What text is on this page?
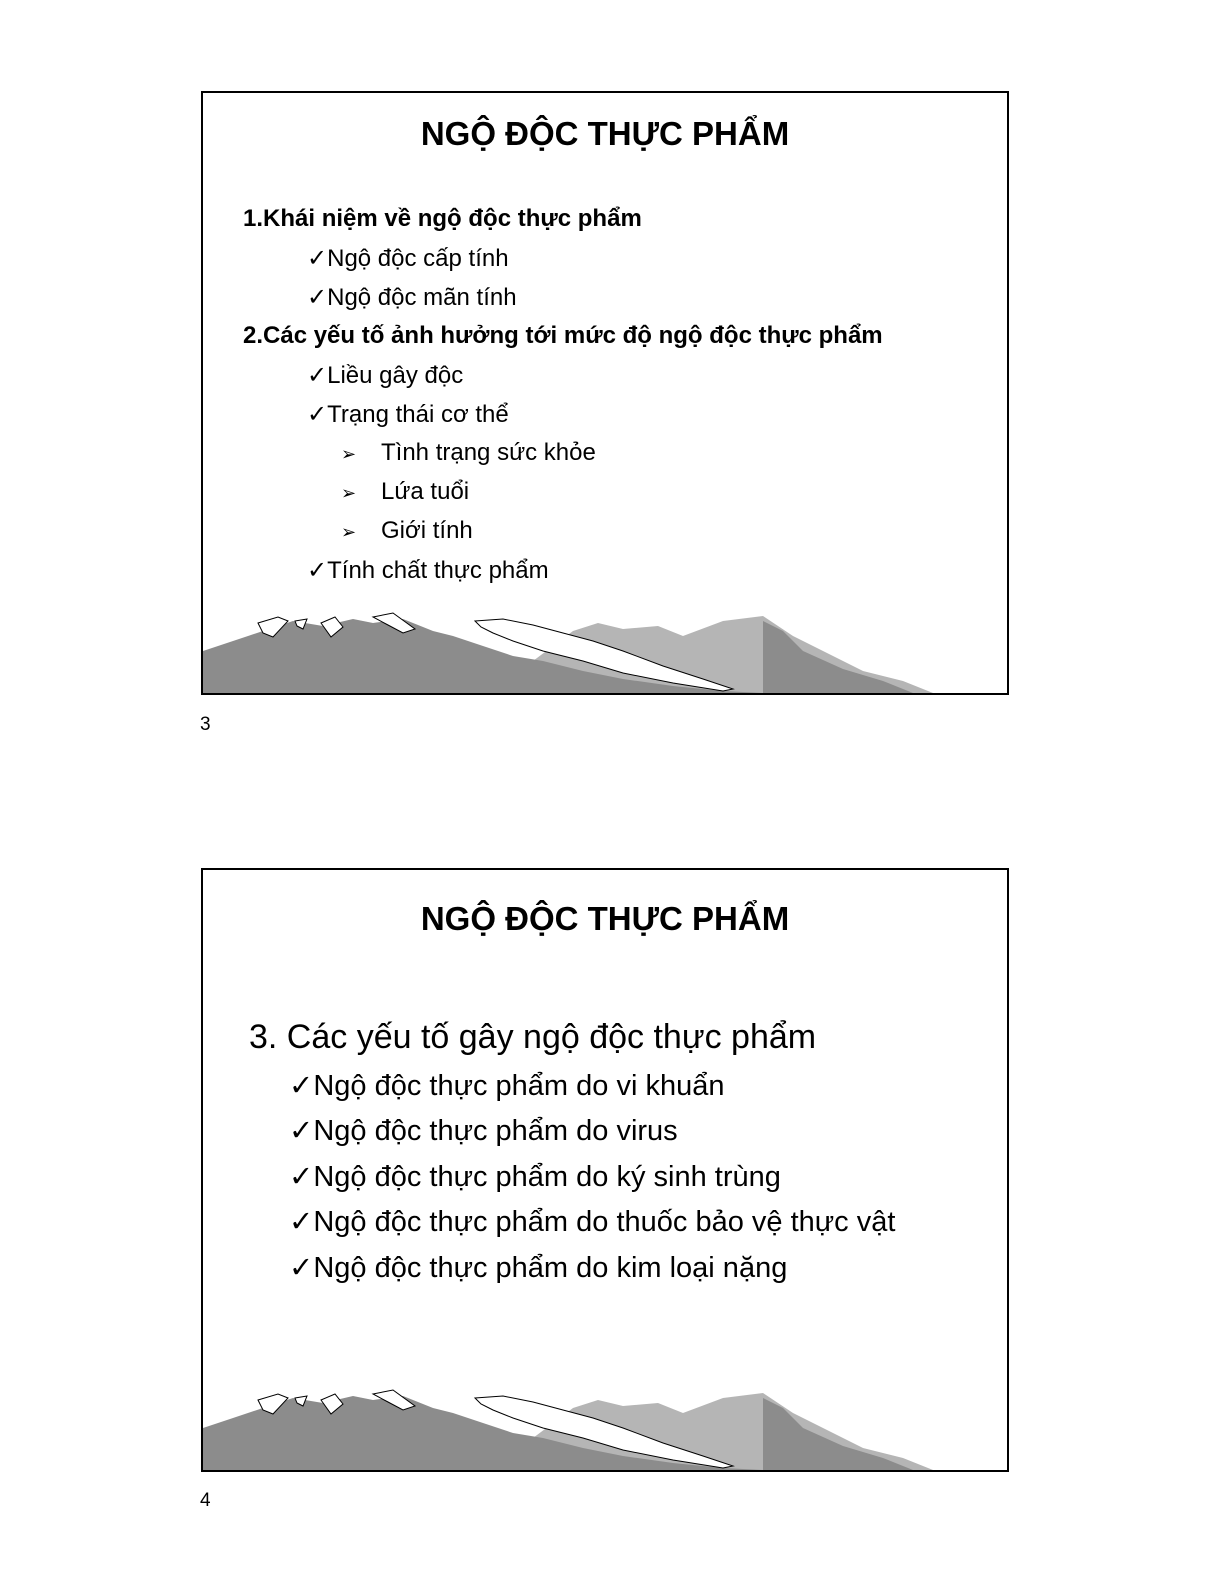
NGỘ ĐỘC THỰC PHẨM
1.Khái niệm về ngộ độc thực phẩm
✓Ngộ độc cấp tính
✓Ngộ độc mãn tính
2.Các yếu tố ảnh hưởng tới mức độ ngộ độc thực phẩm
✓Liều gây độc
✓Trạng thái cơ thể
➢ Tình trạng sức khỏe
➢ Lứa tuổi
➢ Giới tính
✓Tính chất thực phẩm
3
NGỘ ĐỘC THỰC PHẨM
3. Các yếu tố gây ngộ độc thực phẩm
✓Ngộ độc thực phẩm do vi khuẩn
✓Ngộ độc thực phẩm do virus
✓Ngộ độc thực phẩm do ký sinh trùng
✓Ngộ độc thực phẩm do thuốc bảo vệ thực vật
✓Ngộ độc thực phẩm do kim loại nặng
4
